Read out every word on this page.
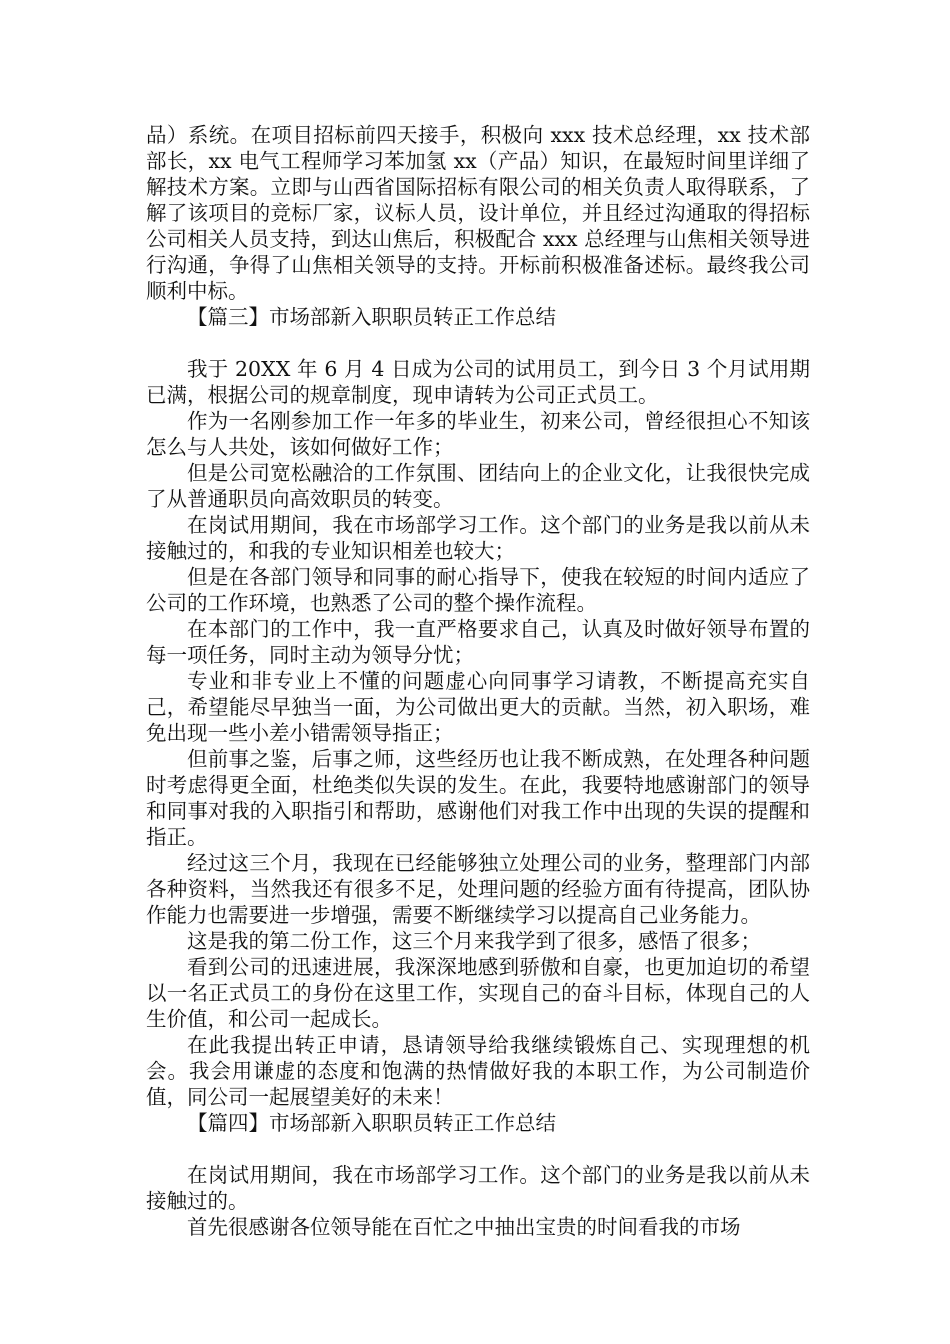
品）系统。在项目招标前四天接手，积极向 xxx 技术总经理，xx 技术部部长，xx 电气工程师学习苯加氢 xx（产品）知识，在最短时间里详细了解技术方案。立即与山西省国际招标有限公司的相关负责人取得联系，了解了该项目的竞标厂家，议标人员，设计单位，并且经过沟通取的得招标公司相关人员支持，到达山焦后，积极配合 xxx 总经理与山焦相关领导进行沟通，争得了山焦相关领导的支持。开标前积极准备述标。最终我公司顺利中标。

【篇三】市场部新入职职员转正工作总结

我于 20XX 年 6 月 4 日成为公司的试用员工，到今日 3 个月试用期已满，根据公司的规章制度，现申请转为公司正式员工。

作为一名刚参加工作一年多的毕业生，初来公司，曾经很担心不知该怎么与人共处，该如何做好工作；

但是公司宽松融洽的工作氛围、团结向上的企业文化，让我很快完成了从普通职员向高效职员的转变。

在岗试用期间，我在市场部学习工作。这个部门的业务是我以前从未接触过的，和我的专业知识相差也较大；

但是在各部门领导和同事的耐心指导下，使我在较短的时间内适应了公司的工作环境，也熟悉了公司的整个操作流程。

在本部门的工作中，我一直严格要求自己，认真及时做好领导布置的每一项任务，同时主动为领导分忧；

专业和非专业上不懂的问题虚心向同事学习请教，不断提高充实自己，希望能尽早独当一面，为公司做出更大的贡献。当然，初入职场，难免出现一些小差小错需领导指正；

但前事之鉴，后事之师，这些经历也让我不断成熟，在处理各种问题时考虑得更全面，杜绝类似失误的发生。在此，我要特地感谢部门的领导和同事对我的入职指引和帮助，感谢他们对我工作中出现的失误的提醒和指正。

经过这三个月，我现在已经能够独立处理公司的业务，整理部门内部各种资料，当然我还有很多不足，处理问题的经验方面有待提高，团队协作能力也需要进一步增强，需要不断继续学习以提高自己业务能力。

这是我的第二份工作，这三个月来我学到了很多，感悟了很多；

看到公司的迅速进展，我深深地感到骄傲和自豪，也更加迫切的希望以一名正式员工的身份在这里工作，实现自己的奋斗目标，体现自己的人生价值，和公司一起成长。

在此我提出转正申请，恳请领导给我继续锻炼自己、实现理想的机会。我会用谦虚的态度和饱满的热情做好我的本职工作，为公司制造价值，同公司一起展望美好的未来！

【篇四】市场部新入职职员转正工作总结

在岗试用期间，我在市场部学习工作。这个部门的业务是我以前从未接触过的。

首先很感谢各位领导能在百忙之中抽出宝贵的时间看我的市场
